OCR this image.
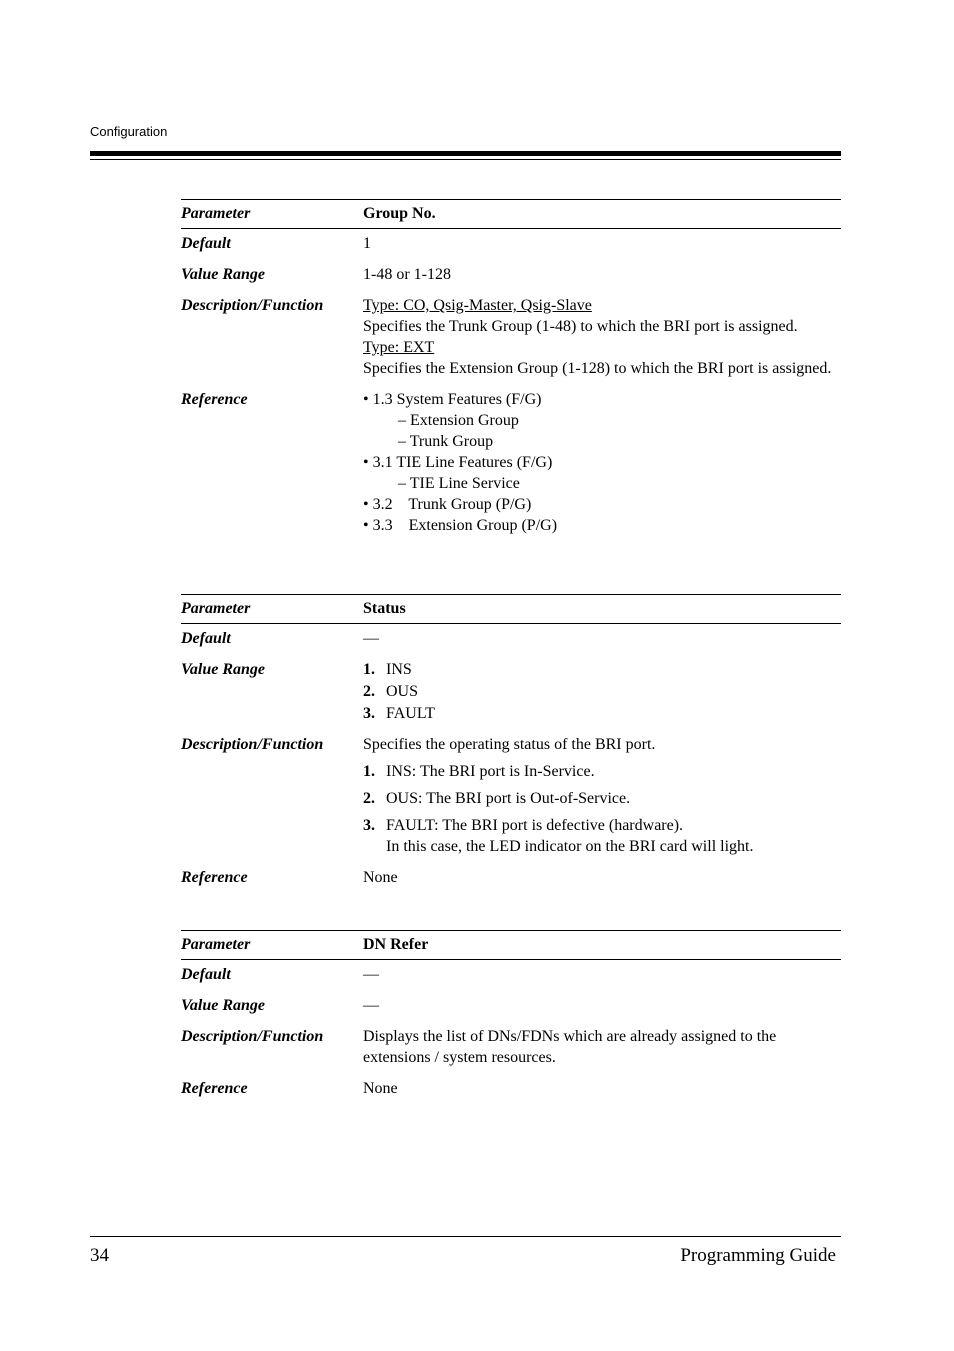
Configuration
Parameter	Group No.
Default	1
Value Range	1-48 or 1-128
Description/Function Type: CO, Qsig-Master, Qsig-Slave
Specifies the Trunk Group (1-48) to which the BRI port is assigned.
Type: EXT
Specifies the Extension Group (1-128) to which the BRI port is assigned.
Reference	• 1.3 System Features (F/G)
– Extension Group
– Trunk Group
• 3.1 TIE Line Features (F/G)
– TIE Line Service
• 3.2    Trunk Group (P/G)
• 3.3    Extension Group (P/G)
Parameter	Status
Default	—
Value Range	1. INS
2. OUS
3. FAULT
Description/Function Specifies the operating status of the BRI port.
1. INS: The BRI port is In-Service.
2. OUS: The BRI port is Out-of-Service.
3. FAULT: The BRI port is defective (hardware).
In this case, the LED indicator on the BRI card will light.
Reference	None
Parameter	DN Refer
Default	—
Value Range	—
Description/Function Displays the list of DNs/FDNs which are already assigned to the extensions / system resources.
Reference	None
34	Programming Guide
